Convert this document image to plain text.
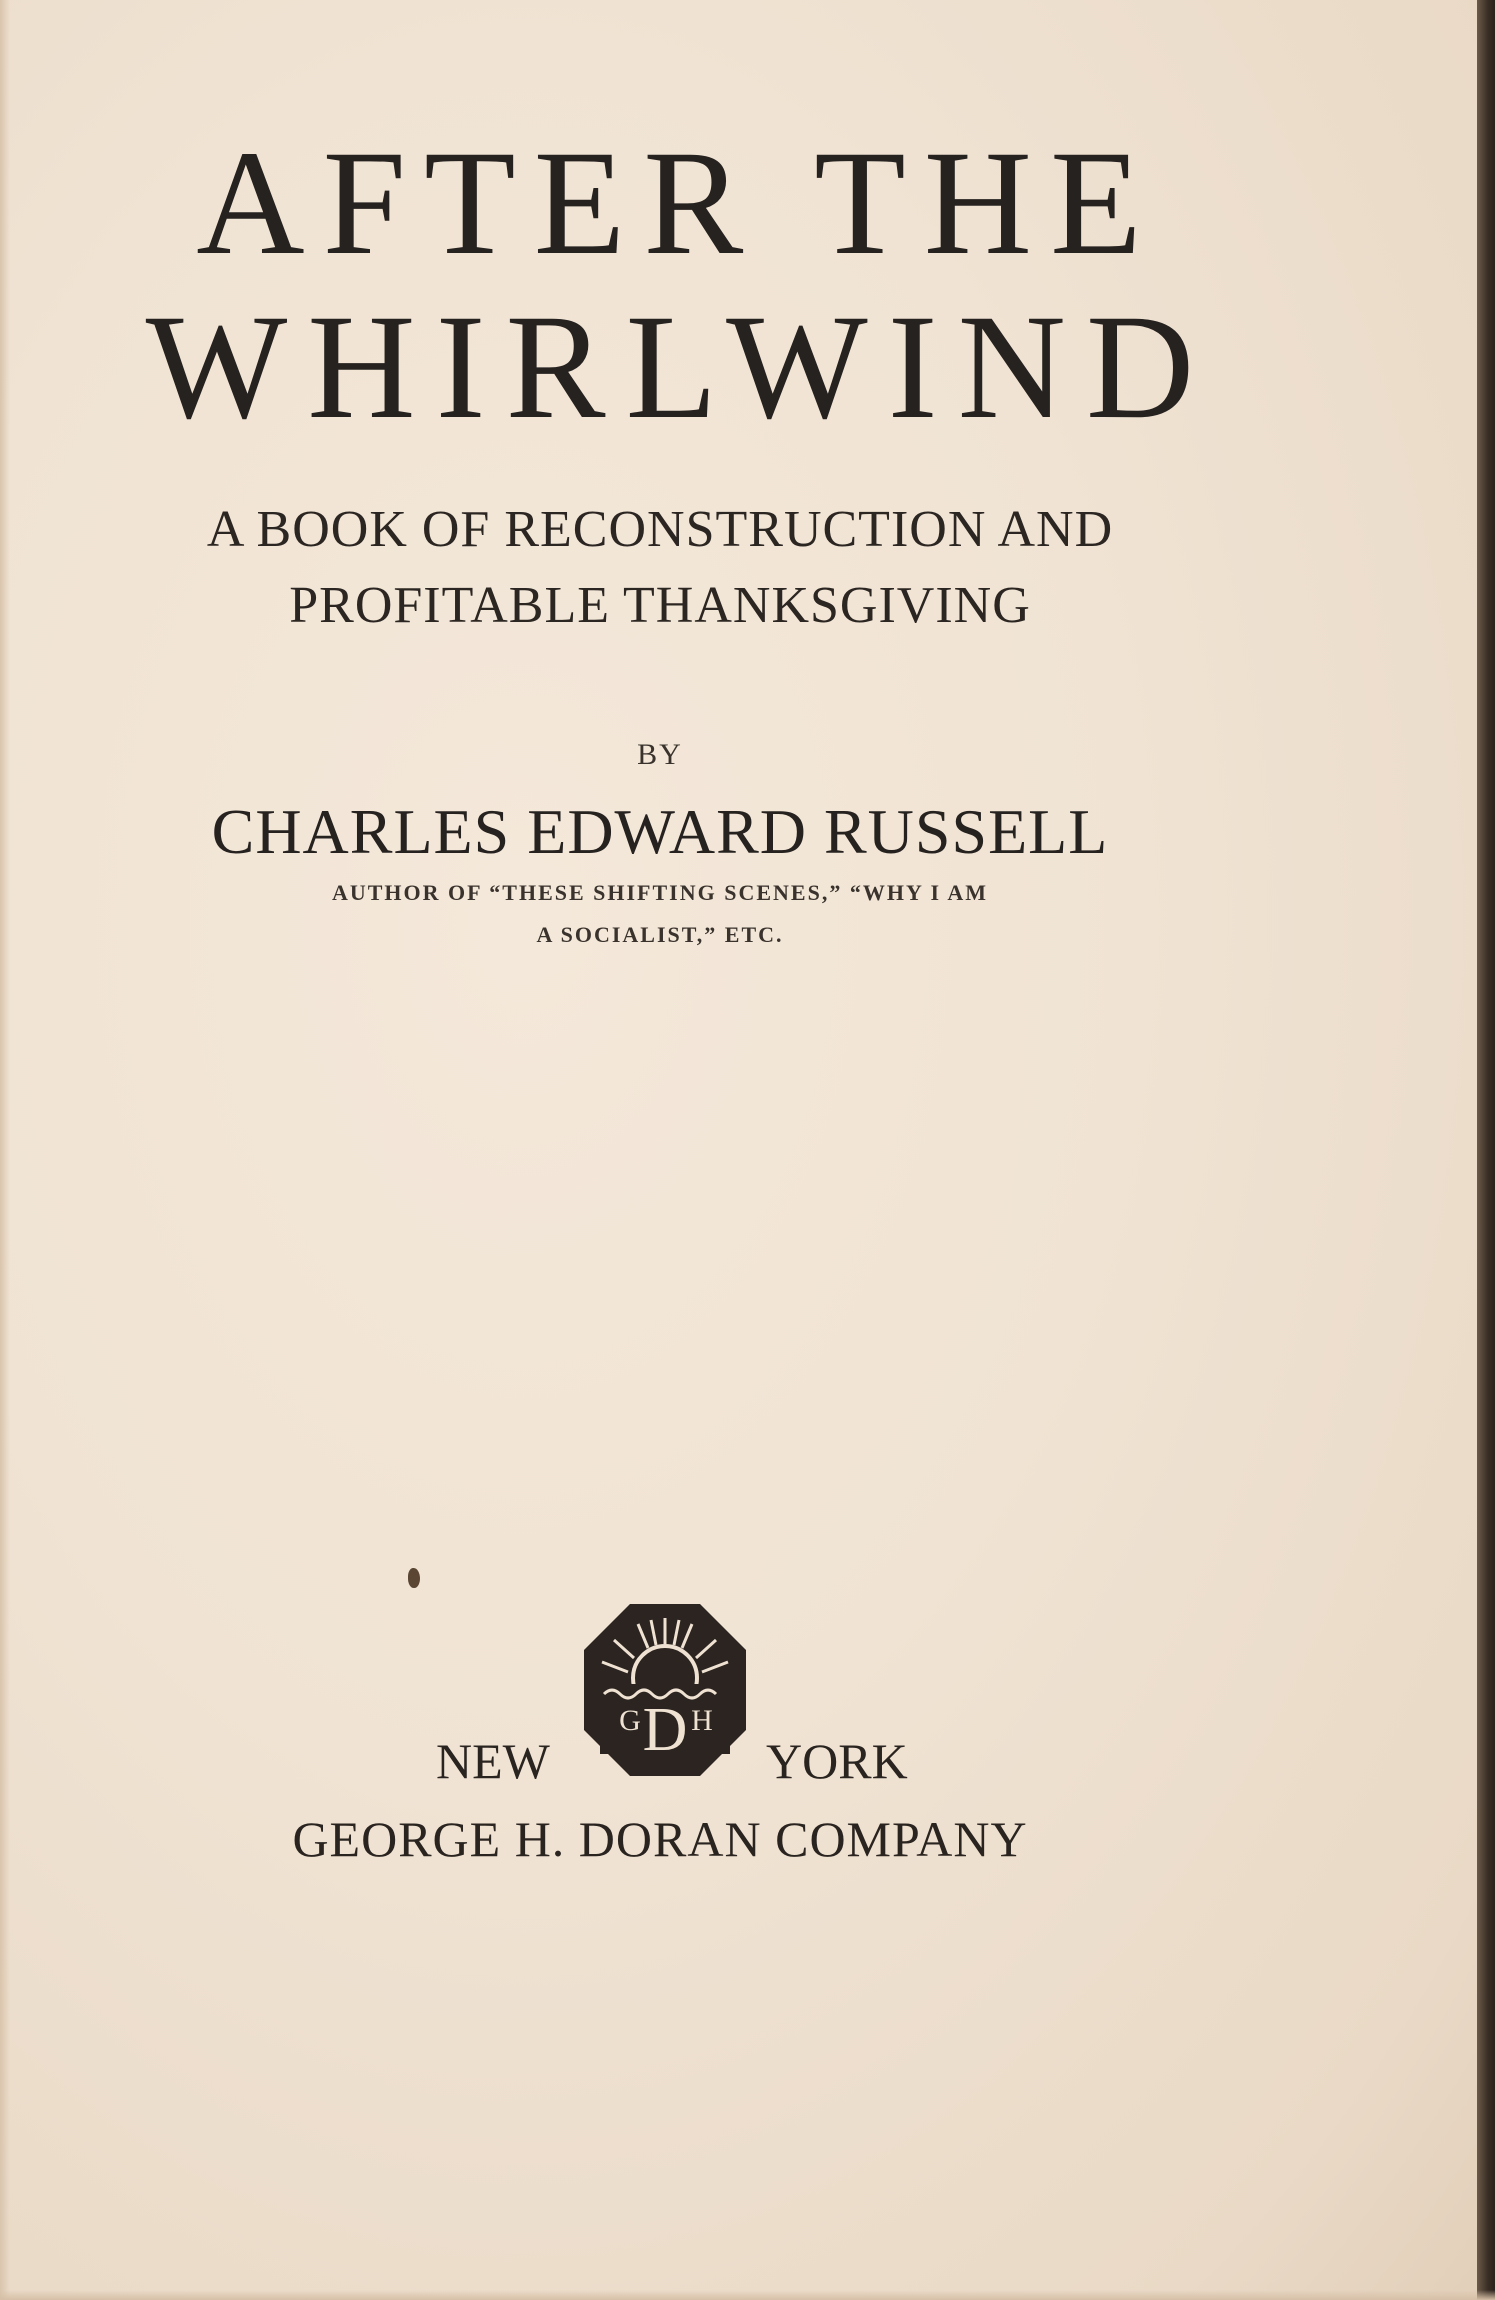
AFTER THE
WHIRLWIND
A BOOK OF RECONSTRUCTION AND
PROFITABLE THANKSGIVING
BY
CHARLES EDWARD RUSSELL
AUTHOR OF “THESE SHIFTING SCENES,” “WHY I AM
A SOCIALIST,” ETC.
G D H
NEW	YORK
GEORGE H. DORAN COMPANY
